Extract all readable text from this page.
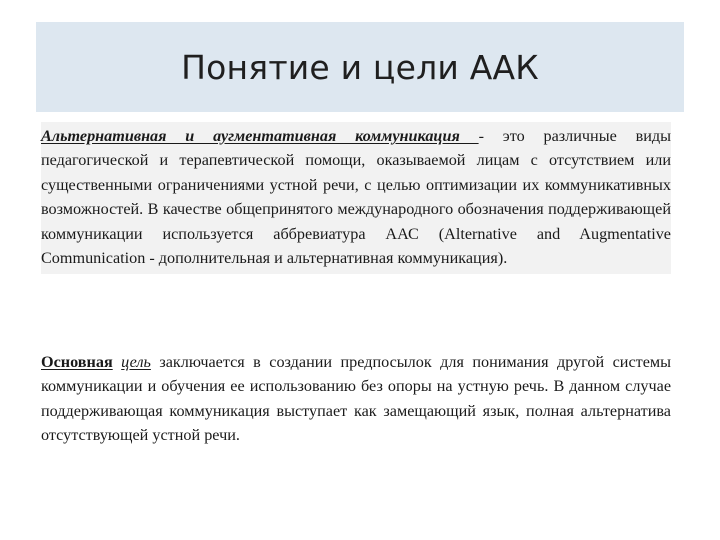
Понятие и цели ААК

Альтернативная и аугментативная коммуникация - это различные виды педагогической и терапевтической помощи, оказываемой лицам с отсутствием или существенными ограничениями устной речи, с целью оптимизации их коммуникативных возможностей. В качестве общепринятого международного обозначения поддерживающей коммуникации используется аббревиатура ААС (Alternative and Augmentative Communication - дополнительная и альтернативная коммуникация).

Основная цель заключается в создании предпосылок для понимания другой системы коммуникации и обучения ее использованию без опоры на устную речь. В данном случае поддерживающая коммуникация выступает как замещающий язык, полная альтернатива отсутствующей устной речи.
